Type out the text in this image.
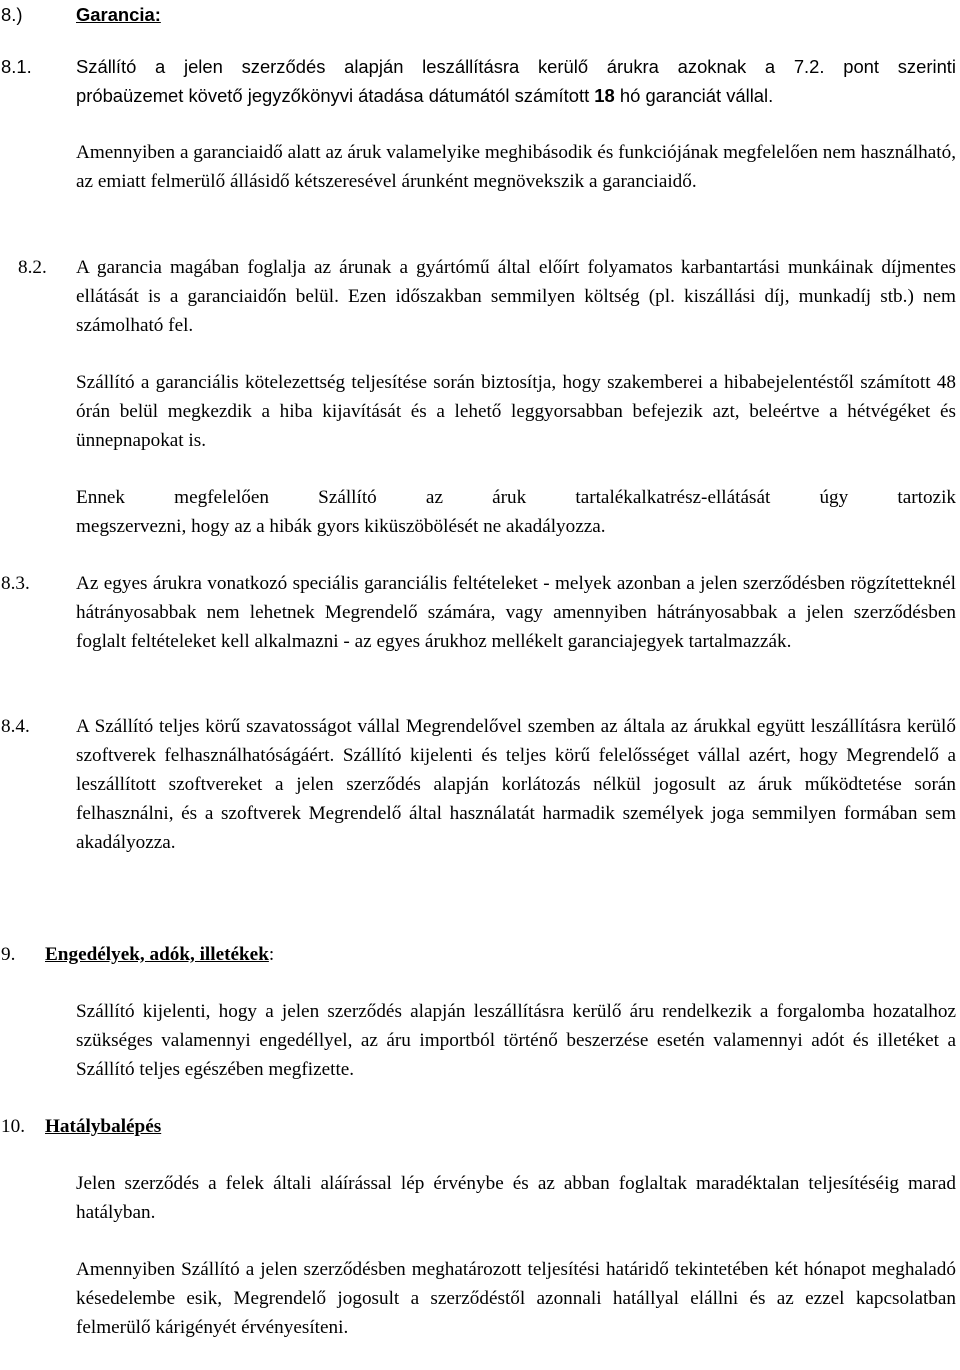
8.)	Garancia:
8.1. Szállító a jelen szerződés alapján leszállításra kerülő árukra azoknak a 7.2. pont szerinti
próbaüzemet követő jegyzőkönyvi átadása dátumától számított 18 hó garanciát vállal.
Amennyiben a garanciaidő alatt az áruk valamelyike meghibásodik és funkciójának megfelelően nem használható, az emiatt felmerülő állásidő kétszeresével árunként megnövekszik a garanciaidő.
8.2. A garancia magában foglalja az árunak a gyártómű által előírt folyamatos karbantartási munkáinak díjmentes ellátását is a garanciaidőn belül. Ezen időszakban semmilyen költség (pl. kiszállási díj, munkadíj stb.) nem számolható fel.
Szállító a garanciális kötelezettség teljesítése során biztosítja, hogy szakemberei a hibabejelentéstől számított 48 órán belül megkezdik a hiba kijavítását és a lehető leggyorsabban befejezik azt, beleértve a hétvégéket és ünnepnapokat is.
Ennek megfelelően Szállító az áruk tartalékalkatrész-ellátását úgy tartozik
megszervezni, hogy az a hibák gyors kiküszöbölését ne akadályozza.
8.3. Az egyes árukra vonatkozó speciális garanciális feltételeket - melyek azonban a jelen szerződésben rögzítetteknél hátrányosabbak nem lehetnek Megrendelő számára, vagy amennyiben hátrányosabbak a jelen szerződésben foglalt feltételeket kell alkalmazni - az egyes árukhoz mellékelt garanciajegyek tartalmazzák.
8.4. A Szállító teljes körű szavatosságot vállal Megrendelővel szemben az általa az árukkal együtt leszállításra kerülő szoftverek felhasználhatóságáért. Szállító kijelenti és teljes körű felelősséget vállal azért, hogy Megrendelő a leszállított szoftvereket a jelen szerződés alapján korlátozás nélkül jogosult az áruk működtetése során felhasználni, és a szoftverek Megrendelő által használatát harmadik személyek joga semmilyen formában sem akadályozza.
9. Engedélyek, adók, illetékek:
Szállító kijelenti, hogy a jelen szerződés alapján leszállításra kerülő áru rendelkezik a forgalomba hozatalhoz szükséges valamennyi engedéllyel, az áru importból történő beszerzése esetén valamennyi adót és illetéket a Szállító teljes egészében megfizette.
10. Hatálybalépés
Jelen szerződés a felek általi aláírással lép érvénybe és az abban foglaltak maradéktalan teljesítéséig marad hatályban.
Amennyiben Szállító a jelen szerződésben meghatározott teljesítési határidő tekintetében két hónapot meghaladó késedelembe esik, Megrendelő jogosult a szerződéstől azonnali hatállyal elállni és az ezzel kapcsolatban felmerülő kárigényét érvényesíteni.
